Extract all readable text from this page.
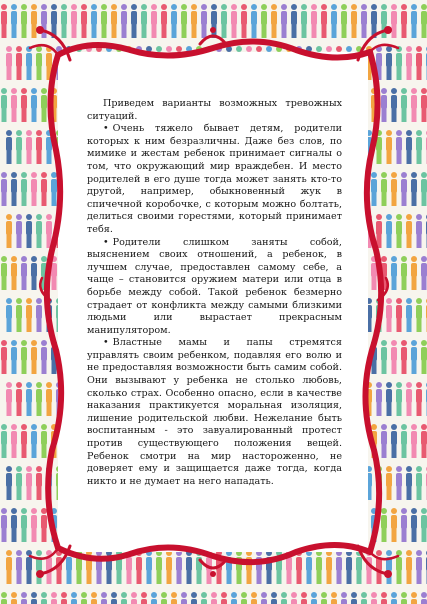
Приведем варианты возможных тревожных ситуаций.

• Очень тяжело бывает детям, родители которых к ним безразличны. Даже без слов, по мимике и жестам ребенок принимает сигналы о том, что окружающий мир враждебен. И место родителей в его душе тогда может занять кто-то другой, например, обыкновенный жук в спичечной коробочке, с которым можно болтать, делиться своими горестями, который принимает тебя.

• Родители слишком заняты собой, выяснением своих отношений, а ребенок, в лучшем случае, предоставлен самому себе, а чаще – становится оружием матери или отца в борьбе между собой. Такой ребенок безмерно страдает от конфликта между самыми близкими людьми или вырастает прекрасным манипулятором.

• Властные мамы и папы стремятся управлять своим ребенком, подавляя его волю и не предоставляя возможности быть самим собой. Они вызывают у ребенка не столько любовь, сколько страх. Особенно опасно, если в качестве наказания практикуется моральная изоляция, лишение родительской любви. Нежелание быть воспитанным - это завуалированный протест против существующего положения вещей. Ребенок смотри на мир настороженно, не доверяет ему и защищается даже тогда, когда никто и не думает на него нападать.
